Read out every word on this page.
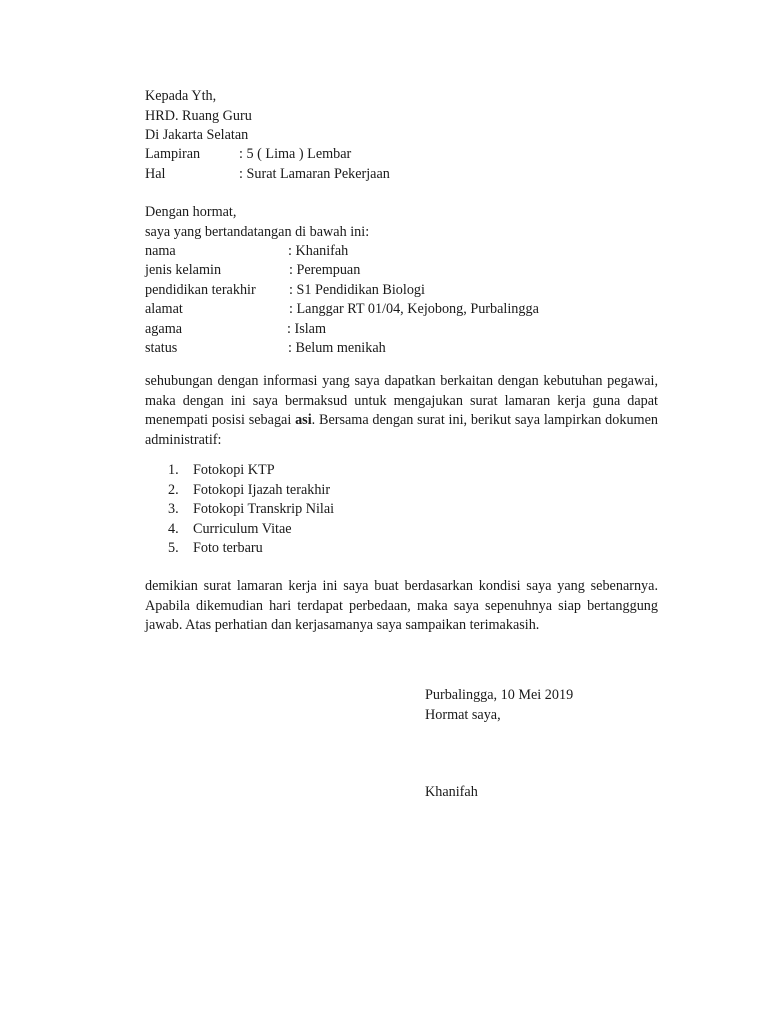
Kepada Yth,
HRD. Ruang Guru
Di Jakarta Selatan
Lampiran	: 5 ( Lima ) Lembar
Hal	: Surat Lamaran Pekerjaan
Dengan hormat,
saya yang bertandatangan di bawah ini:
nama	: Khanifah
jenis kelamin	: Perempuan
pendidikan terakhir : S1 Pendidikan Biologi
alamat	: Langgar RT 01/04, Kejobong, Purbalingga
agama	: Islam
status	: Belum menikah

sehubungan dengan informasi yang saya dapatkan berkaitan dengan kebutuhan pegawai, maka dengan ini saya bermaksud untuk mengajukan surat lamaran kerja guna dapat menempati posisi sebagai asi. Bersama dengan surat ini, berikut saya lampirkan dokumen administratif:

1. Fotokopi KTP
2. Fotokopi Ijazah terakhir
3. Fotokopi Transkrip Nilai
4. Curriculum Vitae
5. Foto terbaru

demikian surat lamaran kerja ini saya buat berdasarkan kondisi saya yang sebenarnya. Apabila dikemudian hari terdapat perbedaan, maka saya sepenuhnya siap bertanggung jawab. Atas perhatian dan kerjasamanya saya sampaikan terimakasih.

Purbalingga, 10 Mei 2019
Hormat saya,
Khanifah
